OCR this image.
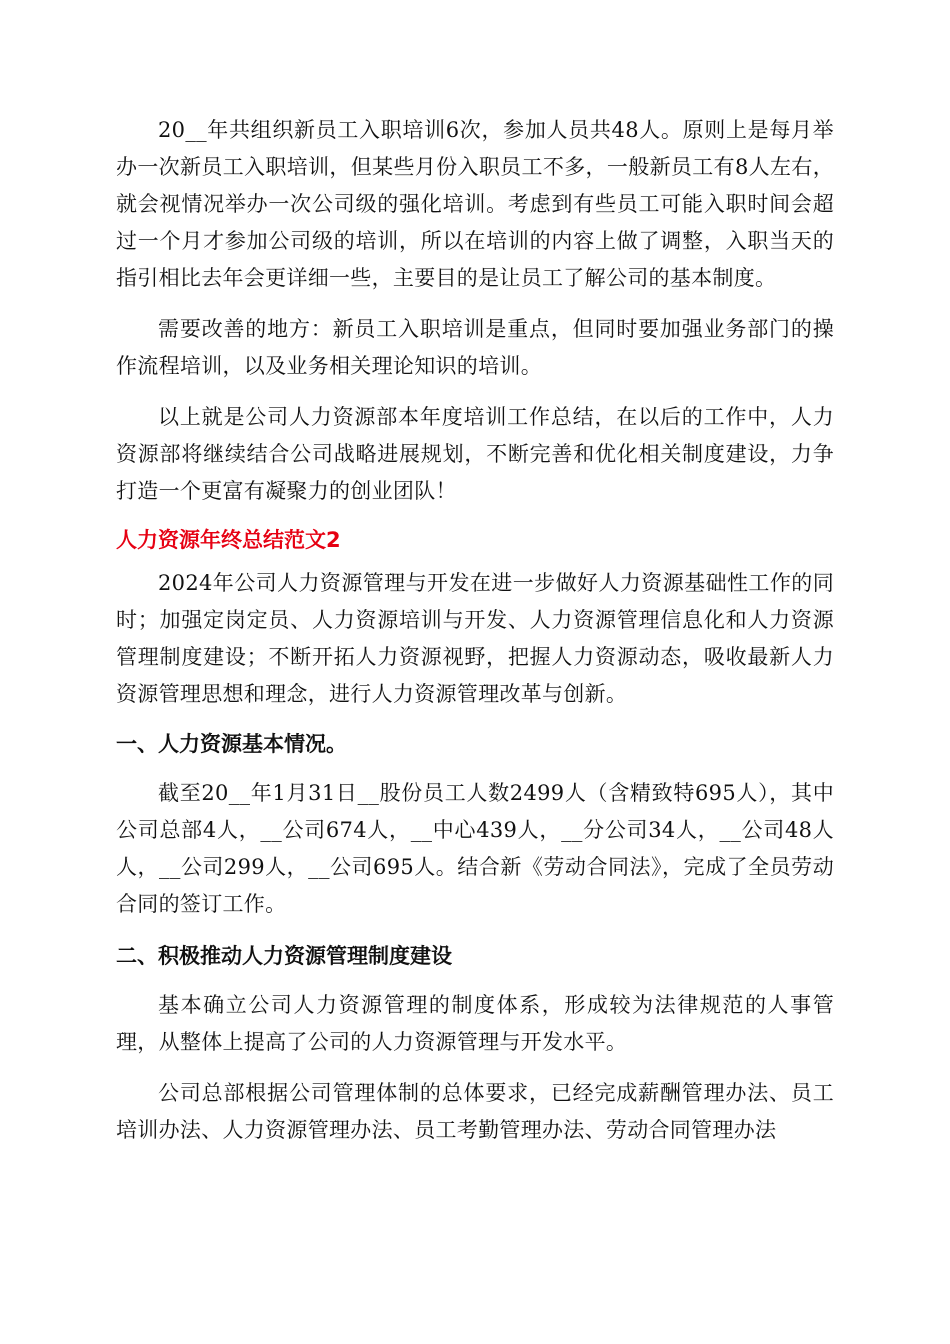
20__年共组织新员工入职培训6次，参加人员共48人。原则上是每月举办一次新员工入职培训，但某些月份入职员工不多，一般新员工有8人左右，就会视情况举办一次公司级的强化培训。考虑到有些员工可能入职时间会超过一个月才参加公司级的培训，所以在培训的内容上做了调整，入职当天的指引相比去年会更详细一些，主要目的是让员工了解公司的基本制度。

需要改善的地方：新员工入职培训是重点，但同时要加强业务部门的操作流程培训，以及业务相关理论知识的培训。

以上就是公司人力资源部本年度培训工作总结，在以后的工作中，人力资源部将继续结合公司战略进展规划，不断完善和优化相关制度建设，力争打造一个更富有凝聚力的创业团队！

人力资源年终总结范文2

2024年公司人力资源管理与开发在进一步做好人力资源基础性工作的同时；加强定岗定员、人力资源培训与开发、人力资源管理信息化和人力资源管理制度建设；不断开拓人力资源视野，把握人力资源动态，吸收最新人力资源管理思想和理念，进行人力资源管理改革与创新。

一、人力资源基本情况。

截至20__年1月31日__股份员工人数2499人（含精致特695人），其中公司总部4人，__公司674人，__中心439人，__分公司34人，__公司48人人，__公司299人，__公司695人。结合新《劳动合同法》，完成了全员劳动合同的签订工作。

二、积极推动人力资源管理制度建设

基本确立公司人力资源管理的制度体系，形成较为法律规范的人事管理，从整体上提高了公司的人力资源管理与开发水平。

公司总部根据公司管理体制的总体要求，已经完成薪酬管理办法、员工培训办法、人力资源管理办法、员工考勤管理办法、劳动合同管理办法
